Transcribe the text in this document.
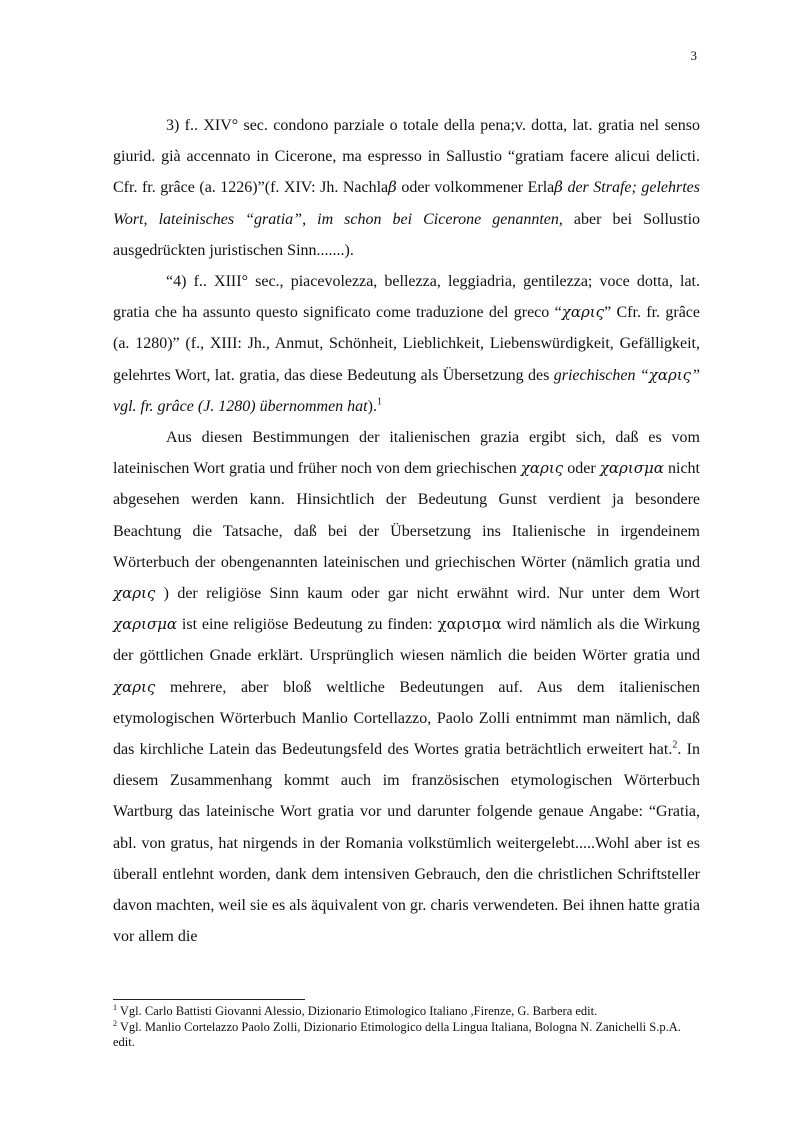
3

3) f.. XIV° sec. condono parziale o totale della pena;v. dotta, lat. gratia nel senso giurid. già accennato in Cicerone, ma espresso in Sallustio “gratiam facere alicui delicti. Cfr. fr. grâce (a. 1226)”(f. XIV: Jh. Nachlaβ oder volkommener Erlaβ der Strafe; gelehrtes Wort, lateinisches “gratia”, im schon bei Cicerone genannten, aber bei Sollustio ausgedrückten juristischen Sinn.......).

“4) f.. XIII° sec., piacevolezza, bellezza, leggiadria, gentilezza; voce dotta, lat. gratia che ha assunto questo significato come traduzione del greco “χαρις” Cfr. fr. grâce (a. 1280)” (f., XIII: Jh., Anmut, Schönheit, Lieblichkeit, Liebenswürdigkeit, Gefälligkeit, gelehrtes Wort, lat. gratia, das diese Bedeutung als Übersetzung des griechischen “χαρις” vgl. fr. grâce (J. 1280) übernommen hat).$^1$

Aus diesen Bestimmungen der italienischen grazia ergibt sich, daß es vom lateinischen Wort gratia und früher noch von dem griechischen χαρις oder χαρισμα nicht abgesehen werden kann. Hinsichtlich der Bedeutung Gunst verdient ja besondere Beachtung die Tatsache, daß bei der Übersetzung ins Italienische in irgendeinem Wörterbuch der obengenannten lateinischen und griechischen Wörter (nämlich gratia und χαρις ) der religiöse Sinn kaum oder gar nicht erwähnt wird. Nur unter dem Wort χαρισμα ist eine religiöse Bedeutung zu finden: χαρισμα wird nämlich als die Wirkung der göttlichen Gnade erklärt. Ursprünglich wiesen nämlich die beiden Wörter gratia und χαρις mehrere, aber bloß weltliche Bedeutungen auf. Aus dem italienischen etymologischen Wörterbuch Manlio Cortellazzo, Paolo Zolli entnimmt man nämlich, daß das kirchliche Latein das Bedeutungsfeld des Wortes gratia beträchtlich erweitert hat.$^2$. In diesem Zusammenhang kommt auch im französischen etymologischen Wörterbuch Wartburg das lateinische Wort gratia vor und darunter folgende genaue Angabe: “Gratia, abl. von gratus, hat nirgends in der Romania volkstümlich weitergelebt.....Wohl aber ist es überall entlehnt worden, dank dem intensiven Gebrauch, den die christlichen Schriftsteller davon machten, weil sie es als äquivalent von gr. charis verwendeten. Bei ihnen hatte gratia vor allem die

$^1$ Vgl. Carlo Battisti Giovanni Alessio, Dizionario Etimologico Italiano ,Firenze, G. Barbera edit.

$^2$ Vgl. Manlio Cortelazzo Paolo Zolli, Dizionario Etimologico della Lingua Italiana, Bologna N. Zanichelli S.p.A. edit.
